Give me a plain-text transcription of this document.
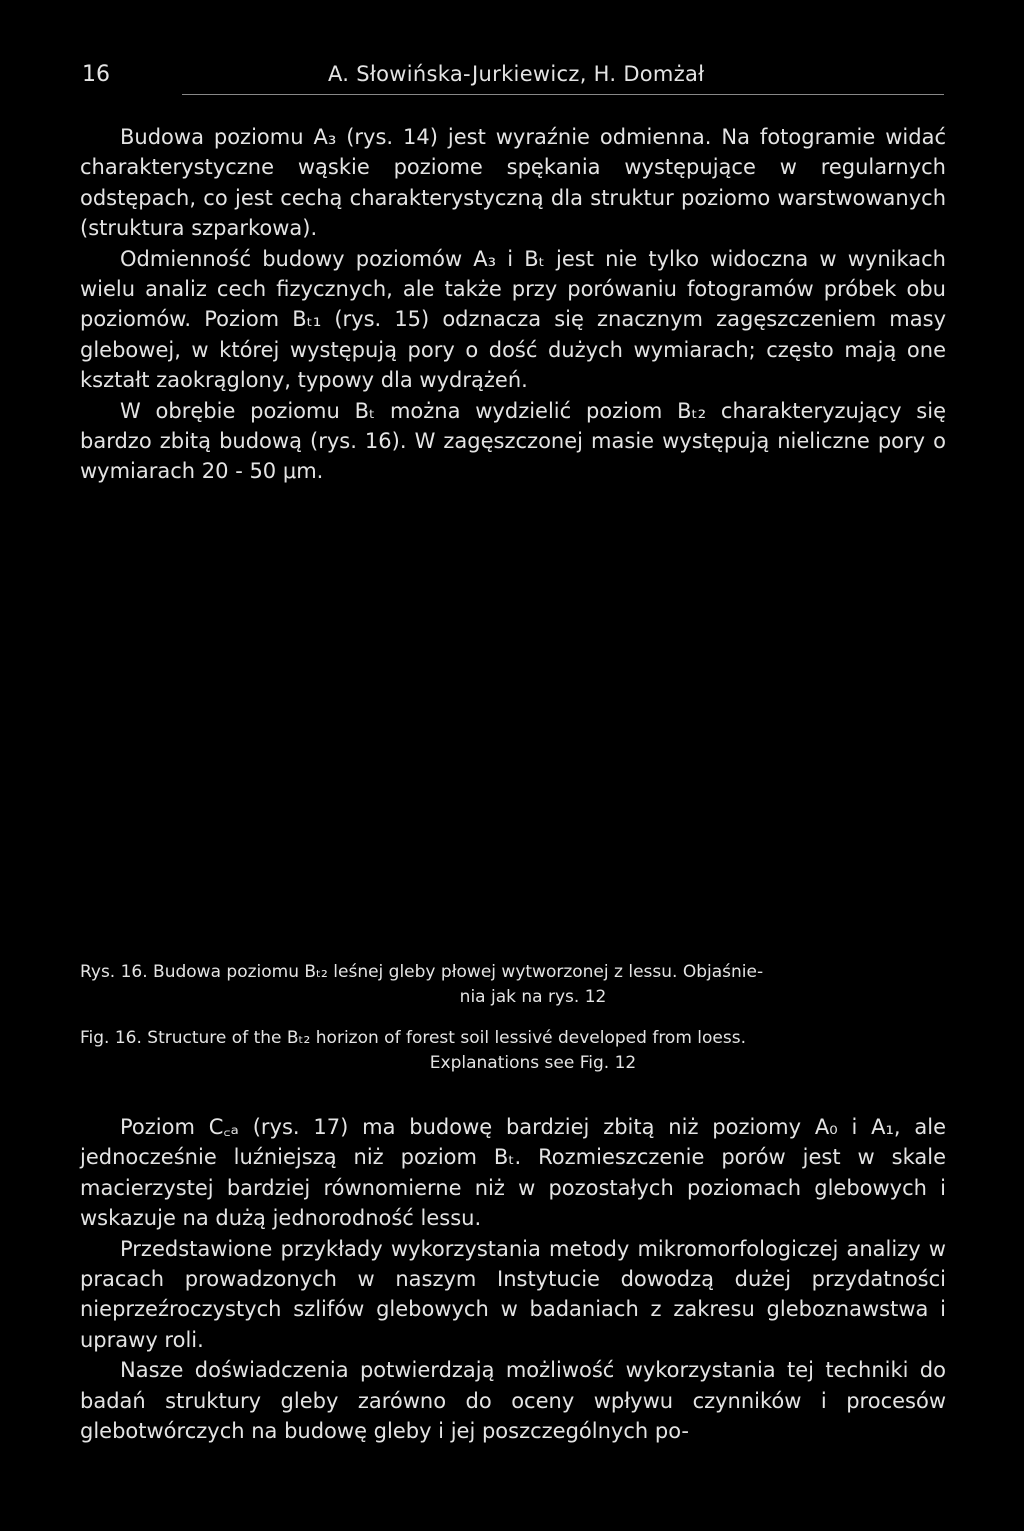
16	A. Słowińska-Jurkiewicz, H. Domżał

Budowa poziomu A₃ (rys. 14) jest wyraźnie odmienna. Na fotogramie widać charakterystyczne wąskie poziome spękania występujące w regularnych odstępach, co jest cechą charakterystyczną dla struktur poziomo warstwowanych (struktura szparkowa).

Odmienność budowy poziomów A₃ i Bₜ jest nie tylko widoczna w wynikach wielu analiz cech fizycznych, ale także przy porówaniu fotogramów próbek obu poziomów. Poziom Bₜ₁ (rys. 15) odznacza się znacznym zagęszczeniem masy glebowej, w której występują pory o dość dużych wymiarach; często mają one kształt zaokrąglony, typowy dla wydrążeń.

W obrębie poziomu Bₜ można wydzielić poziom Bₜ₂ charakteryzujący się bardzo zbitą budową (rys. 16). W zagęszczonej masie występują nieliczne pory o wymiarach 20 - 50 μm.

Rys. 16. Budowa poziomu Bₜ₂ leśnej gleby płowej wytworzonej z lessu. Objaśnie-

nia jak na rys. 12

Fig. 16. Structure of the Bₜ₂ horizon of forest soil lessivé developed from loess.

Explanations see Fig. 12

Poziom C꜀ₐ (rys. 17) ma budowę bardziej zbitą niż poziomy A₀ i A₁, ale jednocześnie luźniejszą niż poziom Bₜ. Rozmieszczenie porów jest w skale macierzystej bardziej równomierne niż w pozostałych poziomach glebowych i wskazuje na dużą jednorodność lessu.

Przedstawione przykłady wykorzystania metody mikromorfologiczej analizy w pracach prowadzonych w naszym Instytucie dowodzą dużej przydatności nieprzeźroczystych szlifów glebowych w badaniach z zakresu gleboznawstwa i uprawy roli.

Nasze doświadczenia potwierdzają możliwość wykorzystania tej techniki do badań struktury gleby zarówno do oceny wpływu czynników i procesów glebotwórczych na budowę gleby i jej poszczególnych po-
